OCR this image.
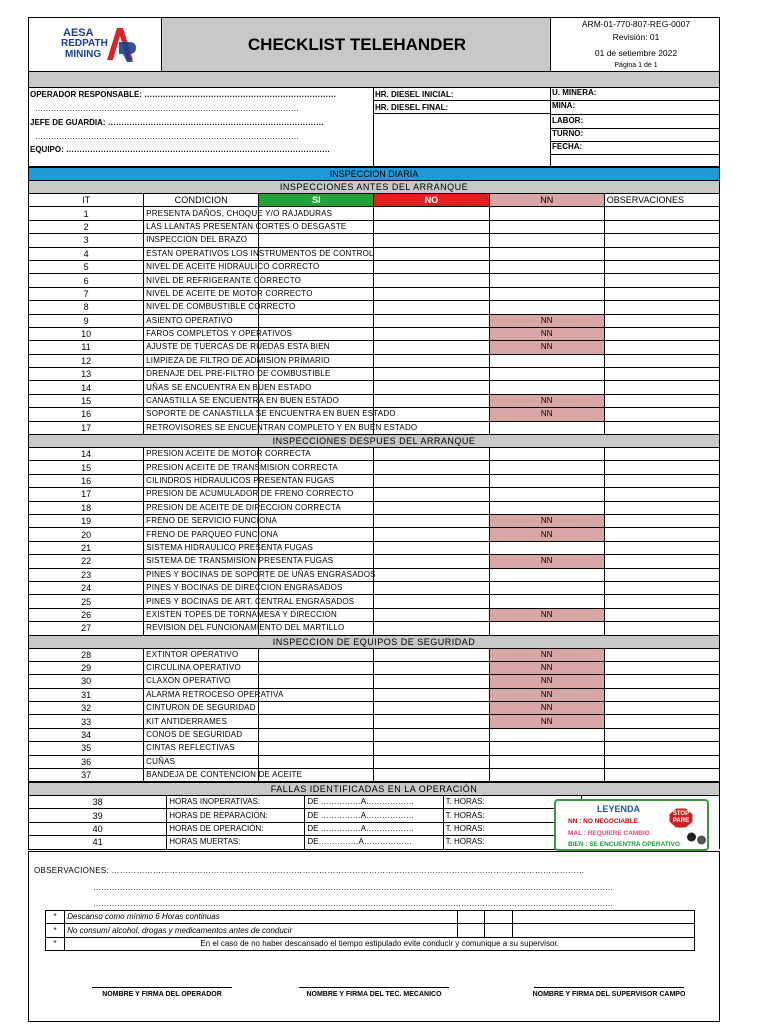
AESA
REDPATH
MINING
CHECKLIST TELEHANDER
ARM-01-770-807-REG-0007
Revisión: 01
01 de setiembre 2022
Página 1 de 1
OPERADOR RESPONSABLE: ………………………………………………………………
………………………………………………………………………………………
JEFE DE GUARDIA: ………………………………………………………………………
………………………………………………………………………………………
EQUIPO: ………………………………………………………………………………………
HR. DIESEL INICIAL:
HR. DIESEL FINAL:
U. MINERA:
MINA:
LABOR:
TURNO:
FECHA:
INSPECCION DIARIA					
INSPECCIONES ANTES DEL ARRANQUE					
IT	CONDICION	SI	NO	NN	OBSERVACIONES
1	PRESENTA DAÑOS, CHOQUE Y/O RAJADURAS				
2	LAS LLANTAS PRESENTAN CORTES O DESGASTE				
3	INSPECCION DEL BRAZO				
4	ESTAN OPERATIVOS LOS INSTRUMENTOS DE CONTROL				
5	NIVEL DE ACEITE HIDRAULICO CORRECTO				
6	NIVEL DE REFRIGERANTE CORRECTO				
7	NIVEL DE ACEITE DE MOTOR CORRECTO				
8	NIVEL DE COMBUSTIBLE CORRECTO				
9	ASIENTO OPERATIVO			NN	
10	FAROS COMPLETOS Y OPERATIVOS			NN	
11	AJUSTE DE TUERCAS DE RUEDAS ESTA BIEN			NN	
12	LIMPIEZA DE FILTRO DE ADMISION PRIMARIO				
13	DRENAJE DEL PRE-FILTRO DE COMBUSTIBLE				
14	UÑAS SE ENCUENTRA EN BUEN ESTADO				
15	CANASTILLA SE ENCUENTRA EN BUEN ESTADO			NN	
16	SOPORTE DE CANASTILLA SE ENCUENTRA EN BUEN ESTADO			NN	
17	RETROVISORES SE ENCUENTRAN COMPLETO Y EN BUEN ESTADO				
INSPECCIONES DESPUES DEL ARRANQUE					
14	PRESION ACEITE DE MOTOR CORRECTA				
15	PRESION ACEITE DE TRANSMISION CORRECTA				
16	CILINDROS HIDRAULICOS PRESENTAN FUGAS				
17	PRESION DE ACUMULADOR DE FRENO CORRECTO				
18	PRESION DE ACEITE DE DIRECCION CORRECTA				
19	FRENO DE SERVICIO FUNCIONA			NN	
20	FRENO DE PARQUEO FUNCIONA			NN	
21	SISTEMA HIDRAULICO PRESENTA FUGAS				
22	SISTEMA DE TRANSMISION PRESENTA FUGAS			NN	
23	PINES Y BOCINAS DE SOPORTE DE UÑAS ENGRASADOS				
24	PINES Y BOCINAS DE DIRECCION ENGRASADOS				
25	PINES Y BOCINAS DE ART. CENTRAL ENGRASADOS				
26	EXISTEN TOPES DE TORNAMESA Y DIRECCION			NN	
27	REVISION DEL FUNCIONAMIENTO DEL MARTILLO				
INSPECCION DE EQUIPOS DE SEGURIDAD					
28	EXTINTOR OPERATIVO			NN	
29	CIRCULINA OPERATIVO			NN	
30	CLAXON OPERATIVO			NN	
31	ALARMA RETROCESO OPERATIVA			NN	
32	CINTURON DE SEGURIDAD			NN	
33	KIT ANTIDERRAMES			NN	
34	CONOS DE SEGURIDAD				
35	CINTAS REFLECTIVAS				
36	CUÑAS				
37	BANDEJA DE CONTENCION DE ACEITE				
FALLAS IDENTIFICADAS EN LA OPERACIÓN				
38	HORAS INOPERATIVAS:	DE ……………A………………	T. HORAS:	
39	HORAS DE REPARACION:	DE ……………A………………	T. HORAS:	
40	HORAS DE OPERACIÓN:	DE ……………A………………	T. HORAS:	
41	HORAS MUERTAS:	DE……………A………………	T. HORAS:	
LEYENDA
NN : NO NEGOCIABLE
MAL : REQUIERE CAMBIO
BIEN : SE ENCUENTRA OPERATIVO
STOP
PARE
OBSERVACIONES: ………………………………………………………………………………………………………………………………………………………
……………………………………………………………………………………………………………………………………………………………………………
……………………………………………………………………………………………………………………………………………………………………………
*	Descanso como mínimo 6 Horas continuas			
*	No consumí alcohol, drogas y medicamentos antes de conducir			
*	En el caso de no haber descansado el tiempo estipulado evite conducir y comunique a su supervisor.			
NOMBRE Y FIRMA DEL OPERADOR	NOMBRE Y FIRMA DEL TEC. MECANICO	NOMBRE Y FIRMA DEL SUPERVISOR CAMPO
